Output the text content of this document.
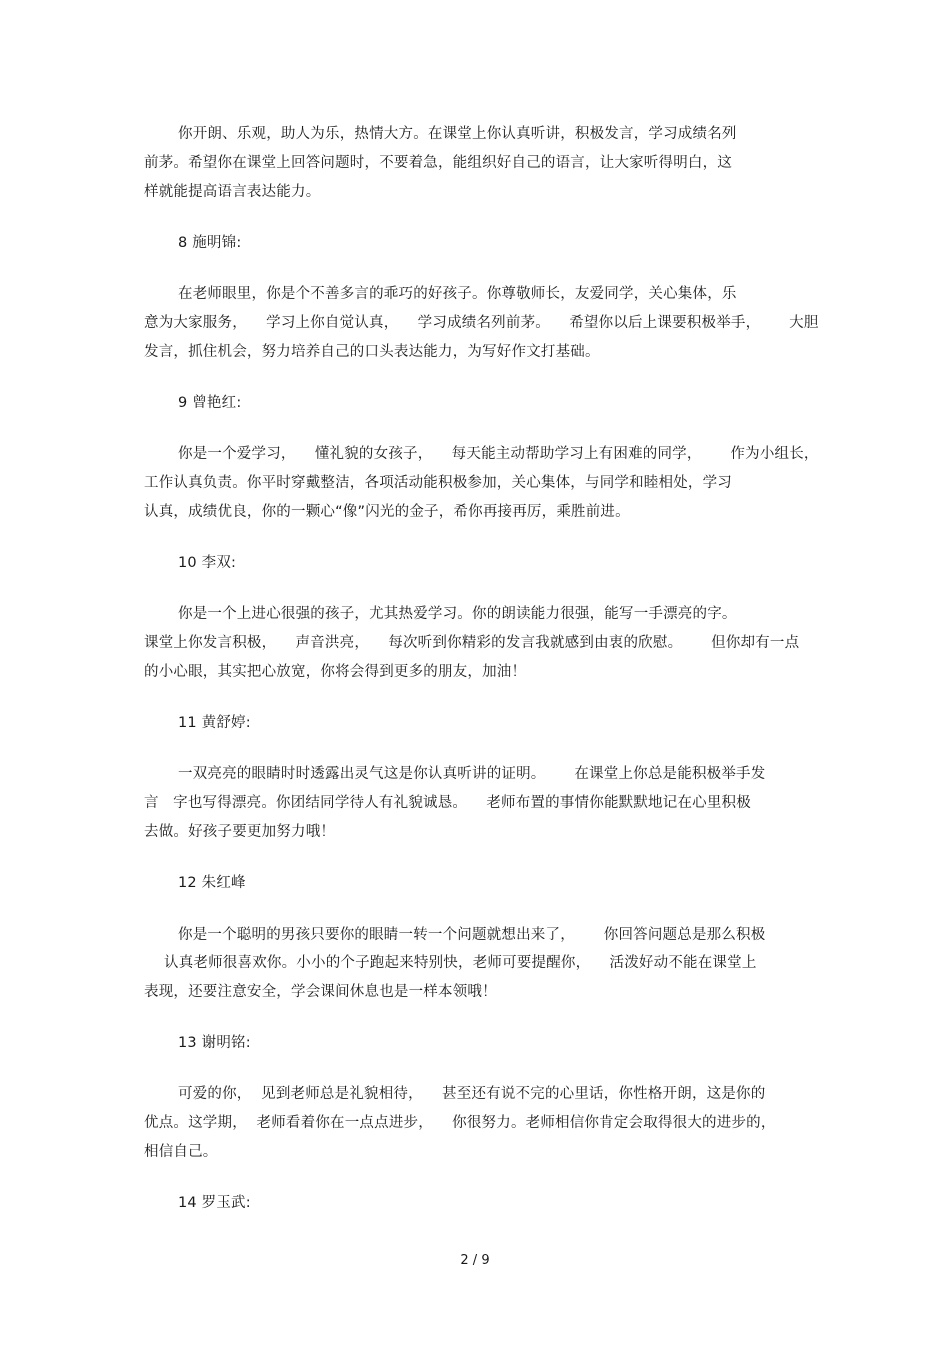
你开朗、乐观，助人为乐，热情大方。在课堂上你认真听讲，积极发言，学习成绩名列
前茅。希望你在课堂上回答问题时，不要着急，能组织好自己的语言，让大家听得明白，这
样就能提高语言表达能力。
8 施明锦:
在老师眼里，你是个不善多言的乖巧的好孩子。你尊敬师长，友爱同学，关心集体，乐
意为大家服务，    学习上你自觉认真，    学习成绩名列前茅。    希望你以后上课要积极举手，      大胆
发言，抓住机会，努力培养自己的口头表达能力，为写好作文打基础。
9 曾艳红:
你是一个爱学习，    懂礼貌的女孩子，    每天能主动帮助学习上有困难的同学，      作为小组长，
工作认真负责。你平时穿戴整洁，各项活动能积极参加，关心集体，与同学和睦相处，学习
认真，成绩优良，你的一颗心“像”闪光的金子，希你再接再厉，乘胜前进。
10 李双:
你是一个上进心很强的孩子，尤其热爱学习。你的朗读能力很强，能写一手漂亮的字。
课堂上你发言积极，    声音洪亮，    每次听到你精彩的发言我就感到由衷的欣慰。      但你却有一点
的小心眼，其实把心放宽，你将会得到更多的朋友，加油！
11 黄舒婷:
一双亮亮的眼睛时时透露出灵气这是你认真听讲的证明。      在课堂上你总是能积极举手发
言   字也写得漂亮。你团结同学待人有礼貌诚恳。    老师布置的事情你能默默地记在心里积极
去做。好孩子要更加努力哦！
12 朱红峰
你是一个聪明的男孩只要你的眼睛一转一个问题就想出来了，      你回答问题总是那么积极
认真老师很喜欢你。小小的个子跑起来特别快，老师可要提醒你，    活泼好动不能在课堂上
表现，还要注意安全，学会课间休息也是一样本领哦！
13 谢明铭:
可爱的你，  见到老师总是礼貌相待，    甚至还有说不完的心里话，你性格开朗，这是你的
优点。这学期，  老师看着你在一点点进步，    你很努力。老师相信你肯定会取得很大的进步的，
相信自己。
14 罗玉武:
2 / 9
